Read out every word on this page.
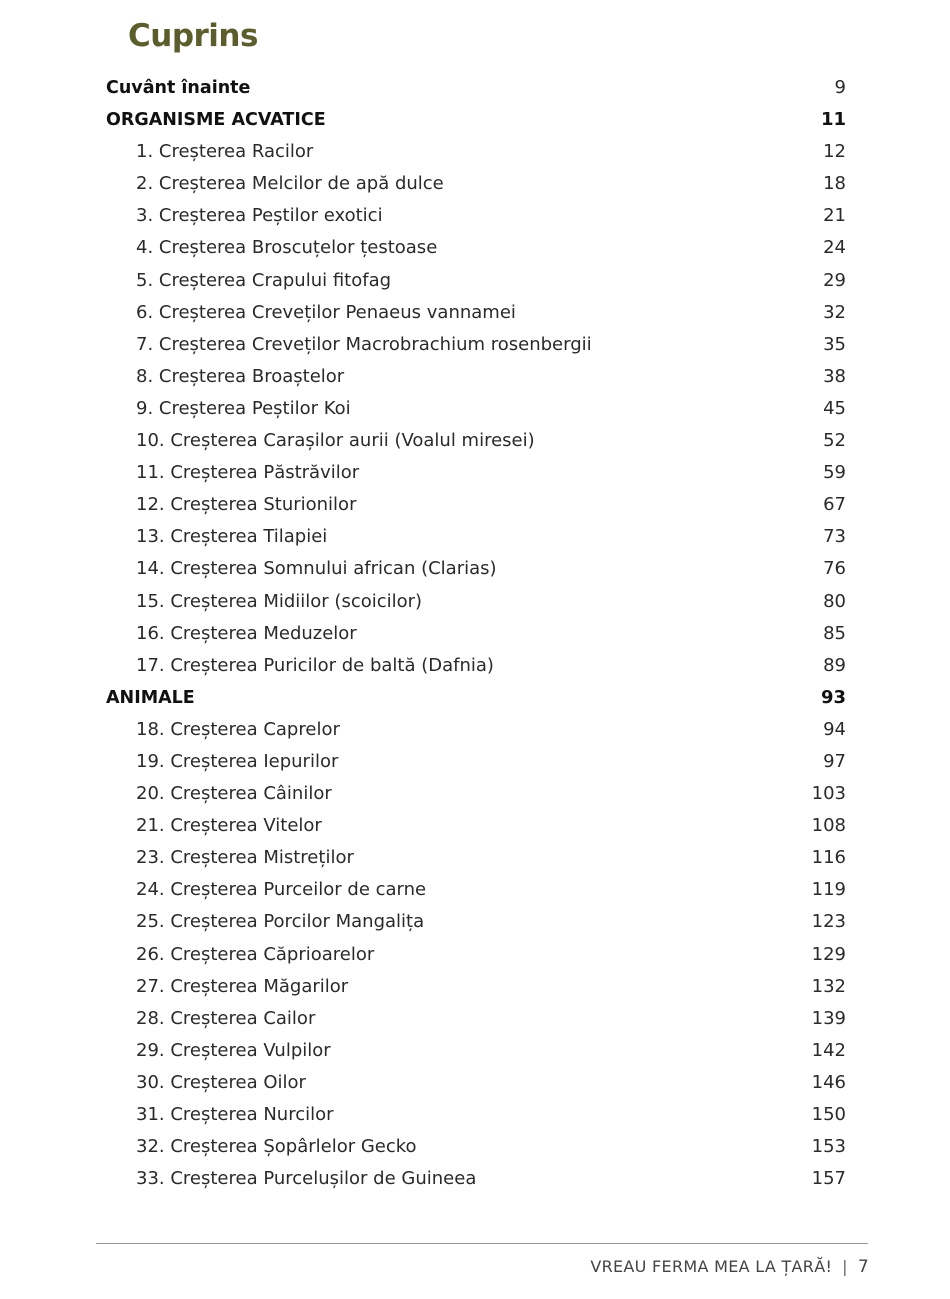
Cuprins
Cuvânt înainte	9
ORGANISME ACVATICE	11
1. Creșterea Racilor	12
2. Creșterea Melcilor de apă dulce	18
3. Creșterea Peștilor exotici	21
4. Creșterea Broscuțelor țestoase	24
5. Creșterea Crapului fitofag	29
6. Creșterea Creveților Penaeus vannamei	32
7. Creșterea Creveților Macrobrachium rosenbergii	35
8. Creșterea Broaștelor	38
9. Creșterea Peștilor Koi	45
10. Creșterea Carașilor aurii (Voalul miresei)	52
11. Creșterea Păstrăvilor	59
12. Creșterea Sturionilor	67
13. Creșterea Tilapiei	73
14. Creșterea Somnului african (Clarias)	76
15. Creșterea Midiilor (scoicilor)	80
16. Creșterea Meduzelor	85
17. Creșterea Puricilor de baltă (Dafnia)	89
ANIMALE	93
18. Creșterea Caprelor	94
19. Creșterea Iepurilor	97
20. Creșterea Câinilor	103
21. Creșterea Vitelor	108
23. Creșterea Mistreților	116
24. Creșterea Purceilor de carne	119
25. Creșterea Porcilor Mangalița	123
26. Creșterea Căprioarelor	129
27. Creșterea Măgarilor	132
28. Creșterea Cailor	139
29. Creșterea Vulpilor	142
30. Creșterea Oilor	146
31. Creșterea Nurcilor	150
32. Creșterea Șopârlelor Gecko	153
33. Creșterea Purcelușilor de Guineea	157
VREAU FERMA MEA LA ȚARĂ! | 7
